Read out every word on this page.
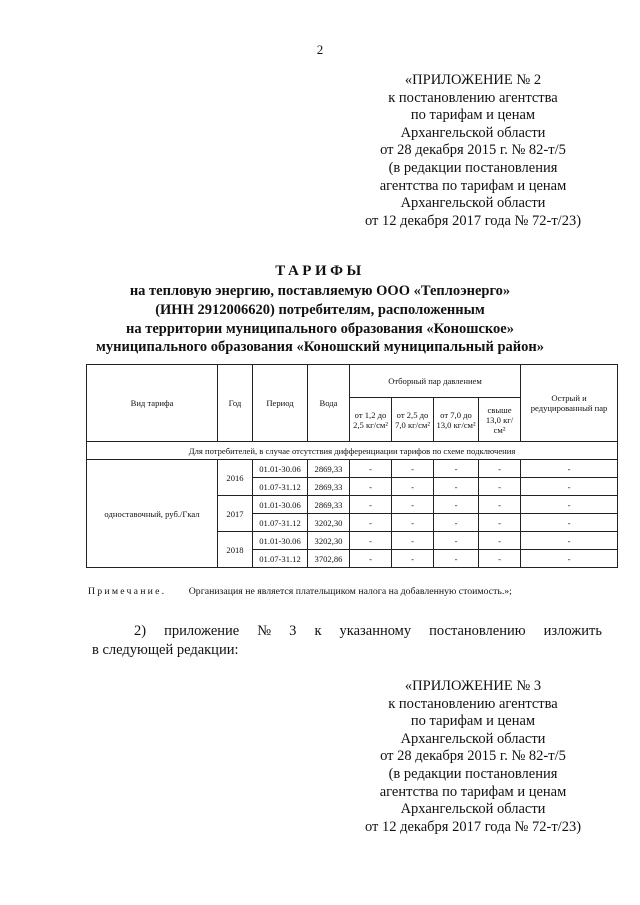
2
«ПРИЛОЖЕНИЕ № 2
к постановлению агентства
по тарифам и ценам
Архангельской области
от 28 декабря 2015 г. № 82-т/5
(в редакции постановления
агентства по тарифам и ценам
Архангельской области
от 12 декабря 2017 года № 72-т/23)
ТАРИФЫ
на тепловую энергию, поставляемую ООО «Теплоэнерго»
(ИНН 2912006620) потребителям, расположенным
на территории муниципального образования «Коношское»
муниципального образования «Коношский муниципальный район»
Вид тарифа	Год	Период	Вода	Отборный пар давлением				Острый и редуцированный пар
				от 1,2 до 2,5 кг/см²	от 2,5 до 7,0 кг/см²	от 7,0 до 13,0 кг/см²	свыше 13,0 кг/см²	
Для потребителей, в случае отсутствия дифференциации тарифов по схеме подключения								
одноставочный, руб./Гкал	2016	01.01-30.06	2869,33	-	-	-	-	-
		01.07-31.12	2869,33	-	-	-	-	-
	2017	01.01-30.06	2869,33	-	-	-	-	-
		01.07-31.12	3202,30	-	-	-	-	-
	2018	01.01-30.06	3202,30	-	-	-	-	-
		01.07-31.12	3702,86	-	-	-	-	-
Примечание. Организация не является плательщиком налога на добавленную стоимость.»;
2) приложение № 3 к указанному постановлению изложить
в следующей редакции:
«ПРИЛОЖЕНИЕ № 3
к постановлению агентства
по тарифам и ценам
Архангельской области
от 28 декабря 2015 г. № 82-т/5
(в редакции постановления
агентства по тарифам и ценам
Архангельской области
от 12 декабря 2017 года № 72-т/23)
